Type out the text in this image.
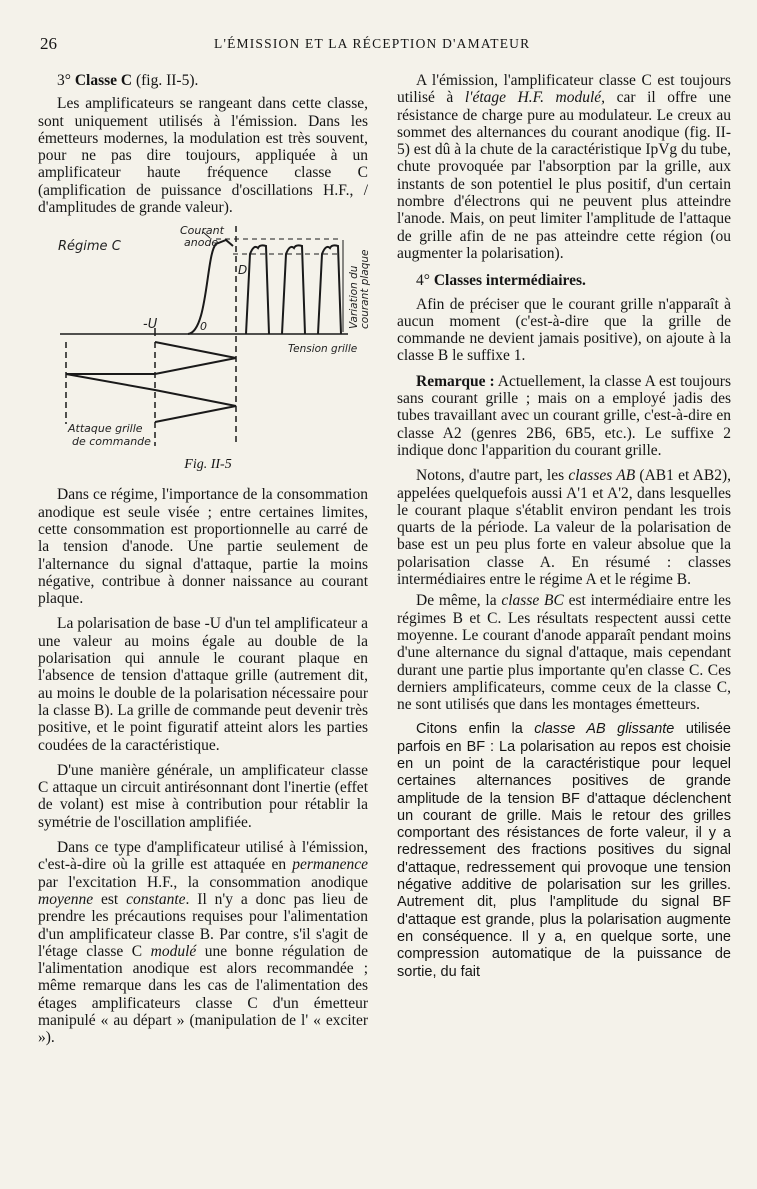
26	L'ÉMISSION ET LA RÉCEPTION D'AMATEUR
3° Classe C (fig. II-5).

Les amplificateurs se rangeant dans cette classe, sont uniquement utilisés à l'émission. Dans les émetteurs modernes, la modulation est très souvent, pour ne pas dire toujours, appliquée à un amplificateur haute fréquence classe C (amplification de puissance d'oscillations H.F., / d'amplitudes de grande valeur).

Régime C
Courant
anode
D	Variation du courant plaque
-U	0
Tension grille
Attaque grille
de commande
Fig. II-5

Dans ce régime, l'importance de la consommation anodique est seule visée ; entre certaines limites, cette consommation est proportionnelle au carré de la tension d'anode. Une partie seulement de l'alternance du signal d'attaque, partie la moins négative, contribue à donner naissance au courant plaque.

La polarisation de base -U d'un tel amplificateur a une valeur au moins égale au double de la polarisation qui annule le courant plaque en l'absence de tension d'attaque grille (autrement dit, au moins le double de la polarisation nécessaire pour la classe B). La grille de commande peut devenir très positive, et le point figuratif atteint alors les parties coudées de la caractéristique.

D'une manière générale, un amplificateur classe C attaque un circuit antirésonnant dont l'inertie (effet de volant) est mise à contribution pour rétablir la symétrie de l'oscillation amplifiée.

Dans ce type d'amplificateur utilisé à l'émission, c'est-à-dire où la grille est attaquée en permanence par l'excitation H.F., la consommation anodique moyenne est constante. Il n'y a donc pas lieu de prendre les précautions requises pour l'alimentation d'un amplificateur classe B. Par contre, s'il s'agit de l'étage classe C modulé une bonne régulation de l'alimentation anodique est alors recommandée ; même remarque dans les cas de l'alimentation des étages amplificateurs classe C d'un émetteur manipulé « au départ » (manipulation de l' « exciter »).

A l'émission, l'amplificateur classe C est toujours utilisé à l'étage H.F. modulé, car il offre une résistance de charge pure au modulateur. Le creux au sommet des alternances du courant anodique (fig. II-5) est dû à la chute de la caractéristique IpVg du tube, chute provoquée par l'absorption par la grille, aux instants de son potentiel le plus positif, d'un certain nombre d'électrons qui ne peuvent plus atteindre l'anode. Mais, on peut limiter l'amplitude de l'attaque de grille afin de ne pas atteindre cette région (ou augmenter la polarisation).

4° Classes intermédiaires.

Afin de préciser que le courant grille n'apparaît à aucun moment (c'est-à-dire que la grille de commande ne devient jamais positive), on ajoute à la classe B le suffixe 1.

Remarque : Actuellement, la classe A est toujours sans courant grille ; mais on a employé jadis des tubes travaillant avec un courant grille, c'est-à-dire en classe A2 (genres 2B6, 6B5, etc.). Le suffixe 2 indique donc l'apparition du courant grille.

Notons, d'autre part, les classes AB (AB1 et AB2), appelées quelquefois aussi A'1 et A'2, dans lesquelles le courant plaque s'établit environ pendant les trois quarts de la période. La valeur de la polarisation de base est un peu plus forte en valeur absolue que la polarisation classe A. En résumé : classes intermédiaires entre le régime A et le régime B.

De même, la classe BC est intermédiaire entre les régimes B et C. Les résultats respectent aussi cette moyenne. Le courant d'anode apparaît pendant moins d'une alternance du signal d'attaque, mais cependant durant une partie plus importante qu'en classe C. Ces derniers amplificateurs, comme ceux de la classe C, ne sont utilisés que dans les montages émetteurs.

Citons enfin la classe AB glissante utilisée parfois en BF : La polarisation au repos est choisie en un point de la caractéristique pour lequel certaines alternances positives de grande amplitude de la tension BF d'attaque déclenchent un courant de grille. Mais le retour des grilles comportant des résistances de forte valeur, il y a redressement des fractions positives du signal d'attaque, redressement qui provoque une tension négative additive de polarisation sur les grilles. Autrement dit, plus l'amplitude du signal BF d'attaque est grande, plus la polarisation augmente en conséquence. Il y a, en quelque sorte, une compression automatique de la puissance de sortie, du fait
